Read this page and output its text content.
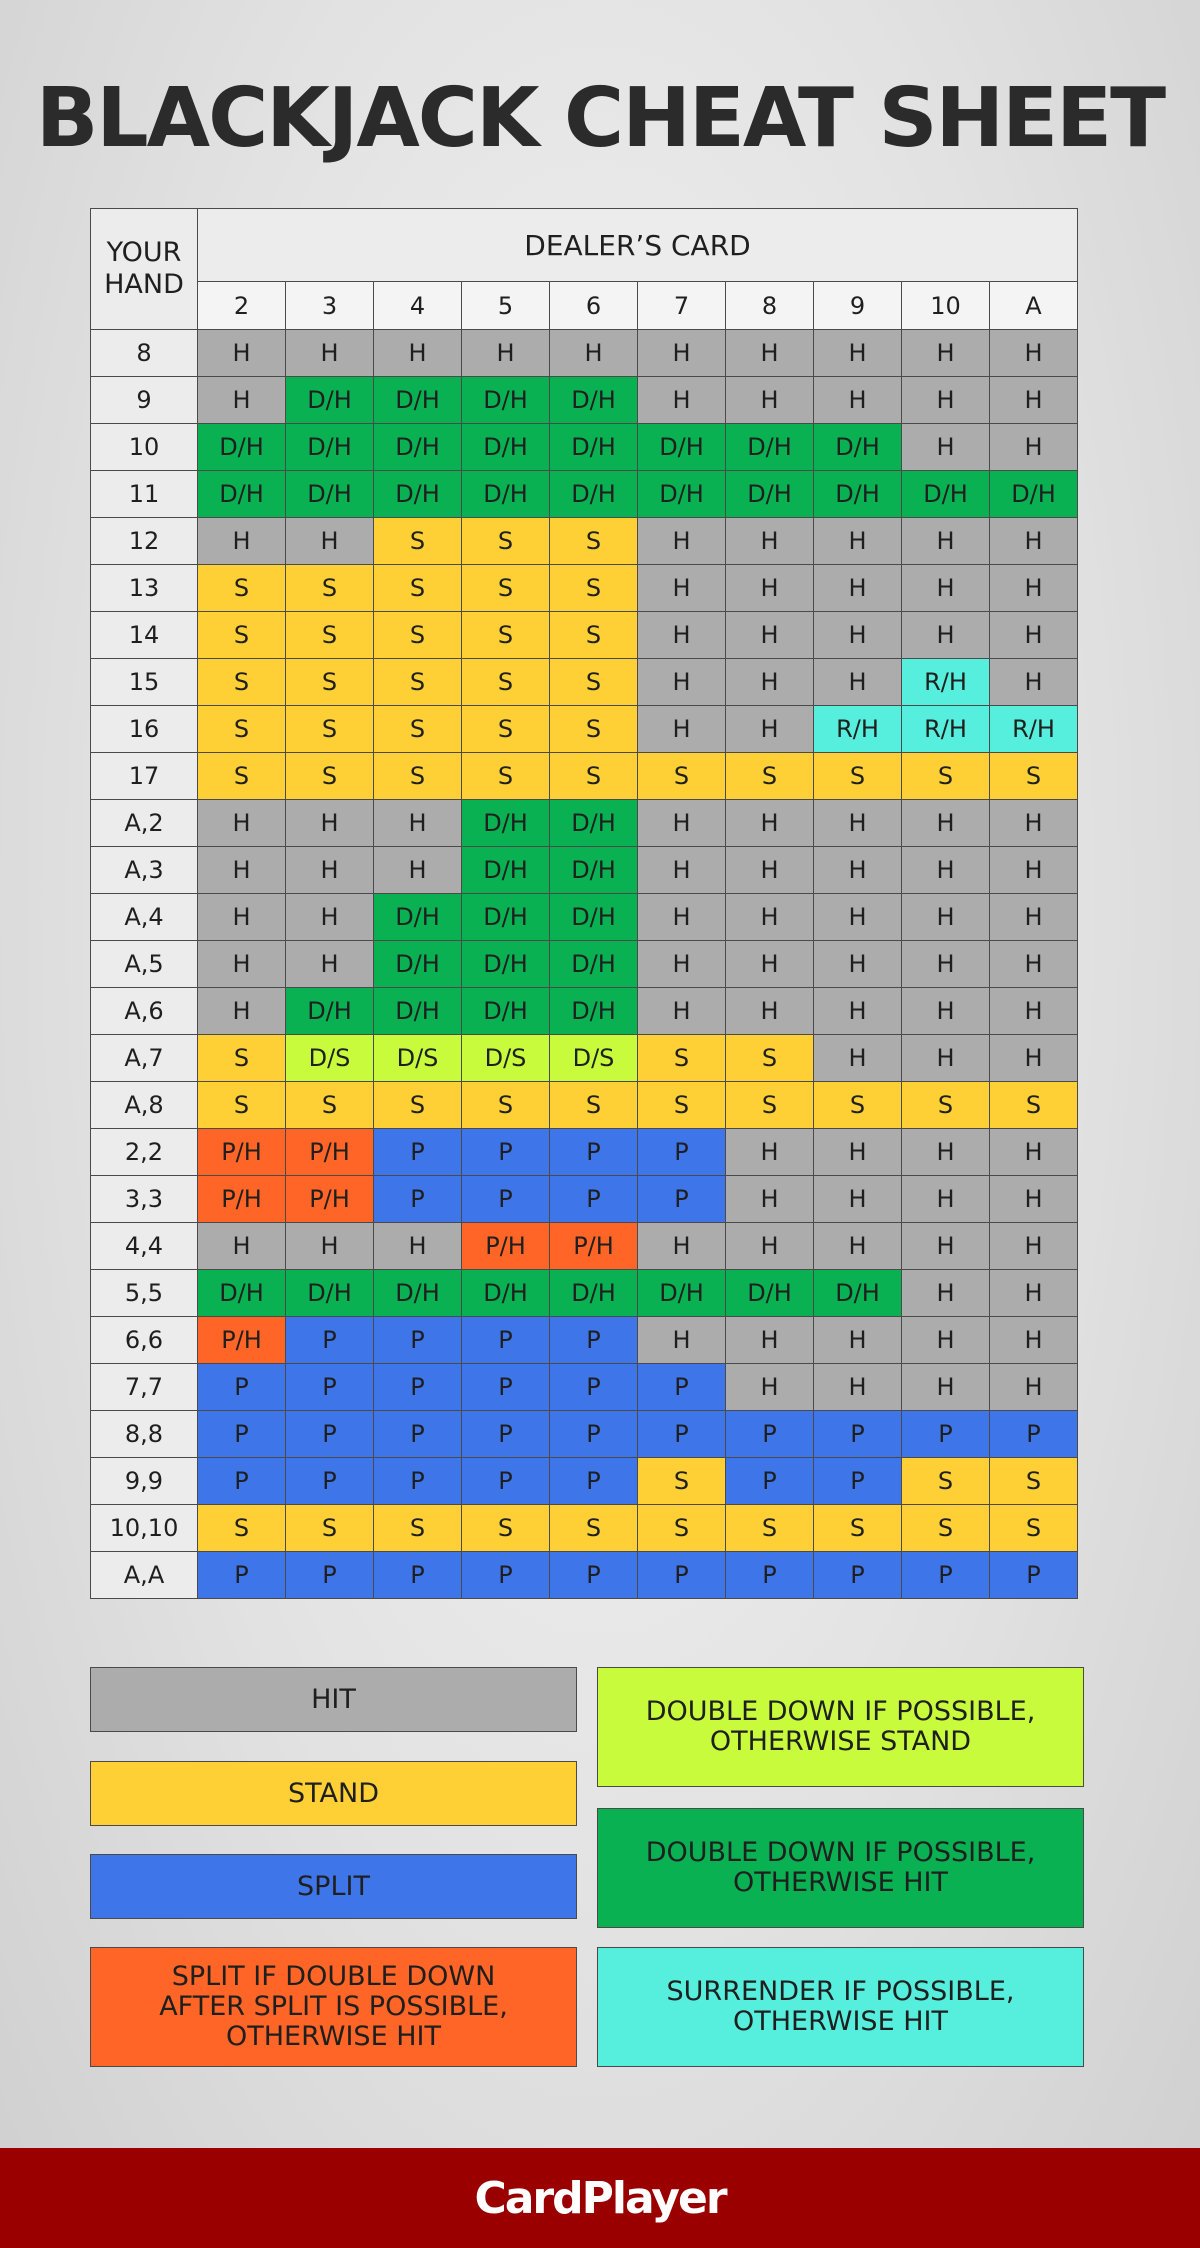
BLACKJACK CHEAT SHEET
YOUR HAND	DEALER’S CARD									
	2	3	4	5	6	7	8	9	10	A
8	H	H	H	H	H	H	H	H	H	H
9	H	D/H	D/H	D/H	D/H	H	H	H	H	H
10	D/H	D/H	D/H	D/H	D/H	D/H	D/H	D/H	H	H
11	D/H	D/H	D/H	D/H	D/H	D/H	D/H	D/H	D/H	D/H
12	H	H	S	S	S	H	H	H	H	H
13	S	S	S	S	S	H	H	H	H	H
14	S	S	S	S	S	H	H	H	H	H
15	S	S	S	S	S	H	H	H	R/H	H
16	S	S	S	S	S	H	H	R/H	R/H	R/H
17	S	S	S	S	S	S	S	S	S	S
A,2	H	H	H	D/H	D/H	H	H	H	H	H
A,3	H	H	H	D/H	D/H	H	H	H	H	H
A,4	H	H	D/H	D/H	D/H	H	H	H	H	H
A,5	H	H	D/H	D/H	D/H	H	H	H	H	H
A,6	H	D/H	D/H	D/H	D/H	H	H	H	H	H
A,7	S	D/S	D/S	D/S	D/S	S	S	H	H	H
A,8	S	S	S	S	S	S	S	S	S	S
2,2	P/H	P/H	P	P	P	P	H	H	H	H
3,3	P/H	P/H	P	P	P	P	H	H	H	H
4,4	H	H	H	P/H	P/H	H	H	H	H	H
5,5	D/H	D/H	D/H	D/H	D/H	D/H	D/H	D/H	H	H
6,6	P/H	P	P	P	P	H	H	H	H	H
7,7	P	P	P	P	P	P	H	H	H	H
8,8	P	P	P	P	P	P	P	P	P	P
9,9	P	P	P	P	P	S	P	P	S	S
10,10	S	S	S	S	S	S	S	S	S	S
A,A	P	P	P	P	P	P	P	P	P	P
HIT
STAND
SPLIT
SPLIT IF DOUBLE DOWN AFTER SPLIT IS POSSIBLE, OTHERWISE HIT
DOUBLE DOWN IF POSSIBLE, OTHERWISE STAND
DOUBLE DOWN IF POSSIBLE, OTHERWISE HIT
SURRENDER IF POSSIBLE, OTHERWISE HIT
CardPlayer
